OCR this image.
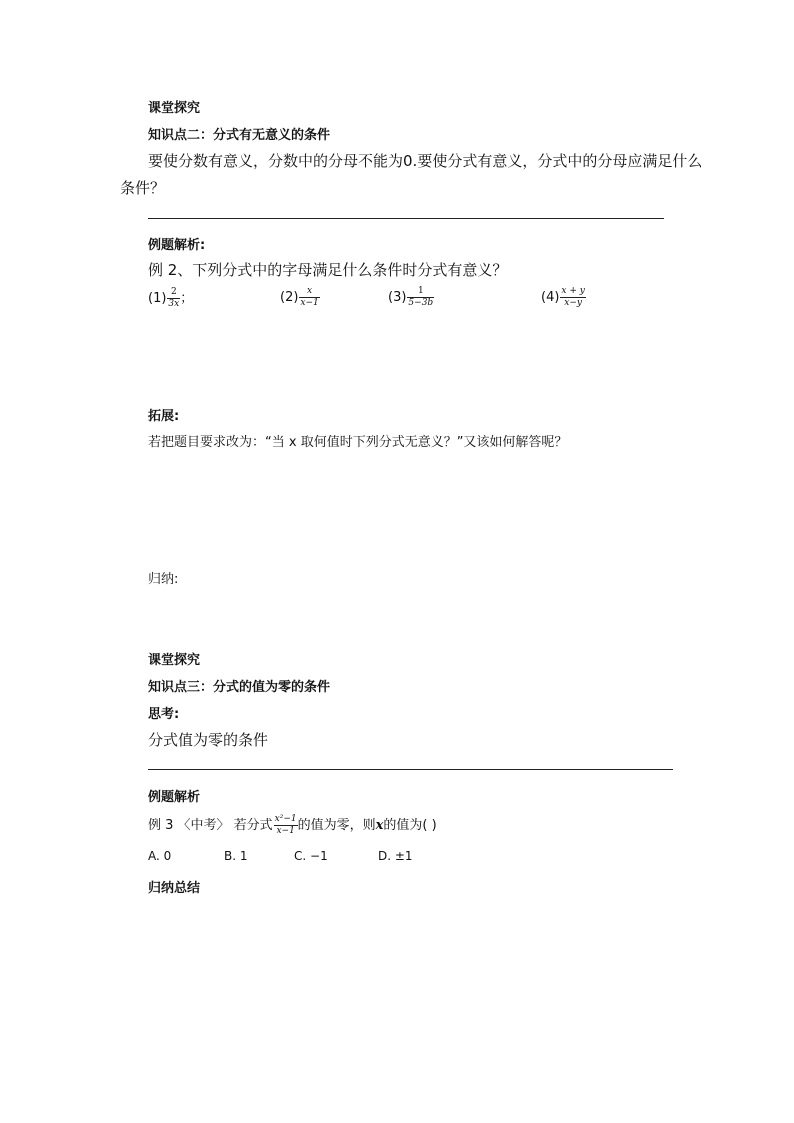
课堂探究
知识点二：分式有无意义的条件
要使分数有意义，分数中的分母不能为0.要使分式有意义，分式中的分母应满足什么
条件？
例题解析:
例 2、下列分式中的字母满足什么条件时分式有意义？
$(1) \frac{2}{3x}$ ；	$(2) \frac{x}{x-1}$	$(3) \frac{1}{5-3b}$	$(4) \frac{x + y}{x-y}$
拓展:
若把题目要求改为：“当 x 取何值时下列分式无意义？”又该如何解答呢？
归纳:
课堂探究
知识点三：分式的值为零的条件
思考:
分式值为零的条件
例题解析
例 3 〈中考〉 若分式 $\frac{\text{x²−1}}{x-1}$ 的值为零，则x的值为( )
A. 0	B. 1	C. −1	D. ±1
归纳总结
